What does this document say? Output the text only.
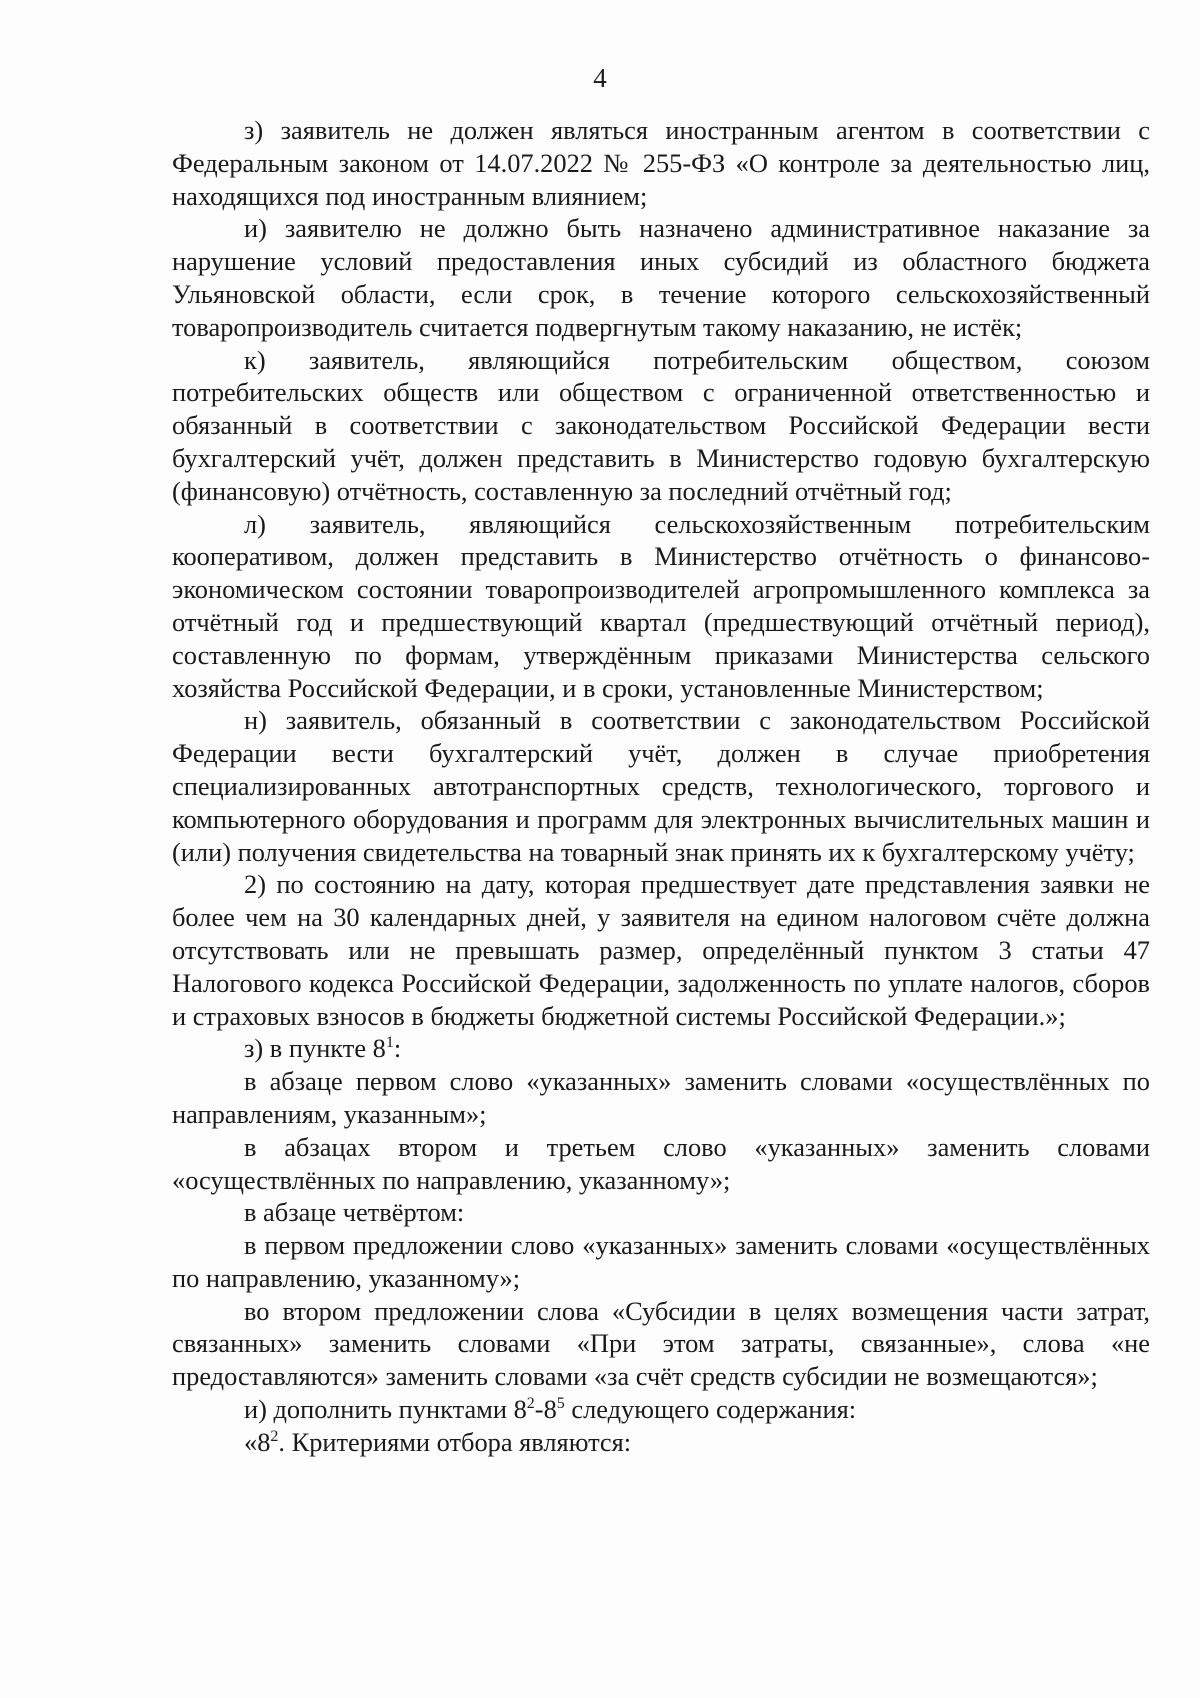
4

з) заявитель не должен являться иностранным агентом в соответствии с Федеральным законом от 14.07.2022 № 255-ФЗ «О контроле за деятельностью лиц, находящихся под иностранным влиянием;

и) заявителю не должно быть назначено административное наказание за нарушение условий предоставления иных субсидий из областного бюджета Ульяновской области, если срок, в течение которого сельскохозяйственный товаропроизводитель считается подвергнутым такому наказанию, не истёк;

к) заявитель, являющийся потребительским обществом, союзом потребительских обществ или обществом с ограниченной ответственностью и обязанный в соответствии с законодательством Российской Федерации вести бухгалтерский учёт, должен представить в Министерство годовую бухгалтерскую (финансовую) отчётность, составленную за последний отчётный год;

л) заявитель, являющийся сельскохозяйственным потребительским кооперативом, должен представить в Министерство отчётность о финансово-экономическом состоянии товаропроизводителей агропромышленного комплекса за отчётный год и предшествующий квартал (предшествующий отчётный период), составленную по формам, утверждённым приказами Министерства сельского хозяйства Российской Федерации, и в сроки, установленные Министерством;

н) заявитель, обязанный в соответствии с законодательством Российской Федерации вести бухгалтерский учёт, должен в случае приобретения специализированных автотранспортных средств, технологического, торгового и компьютерного оборудования и программ для электронных вычислительных машин и (или) получения свидетельства на товарный знак принять их к бухгалтерскому учёту;

2) по состоянию на дату, которая предшествует дате представления заявки не более чем на 30 календарных дней, у заявителя на едином налоговом счёте должна отсутствовать или не превышать размер, определённый пунктом 3 статьи 47 Налогового кодекса Российской Федерации, задолженность по уплате налогов, сборов и страховых взносов в бюджеты бюджетной системы Российской Федерации.»;

з) в пункте $8^1$:

в абзаце первом слово «указанных» заменить словами «осуществлённых по направлениям, указанным»;

в абзацах втором и третьем слово «указанных» заменить словами «осуществлённых по направлению, указанному»;

в абзаце четвёртом:

в первом предложении слово «указанных» заменить словами «осуществлённых по направлению, указанному»;

во втором предложении слова «Субсидии в целях возмещения части затрат, связанных» заменить словами «При этом затраты, связанные», слова «не предоставляются» заменить словами «за счёт средств субсидии не возмещаются»;

и) дополнить пунктами $8^2-8^5$ следующего содержания:

«$8^2$. Критериями отбора являются:
